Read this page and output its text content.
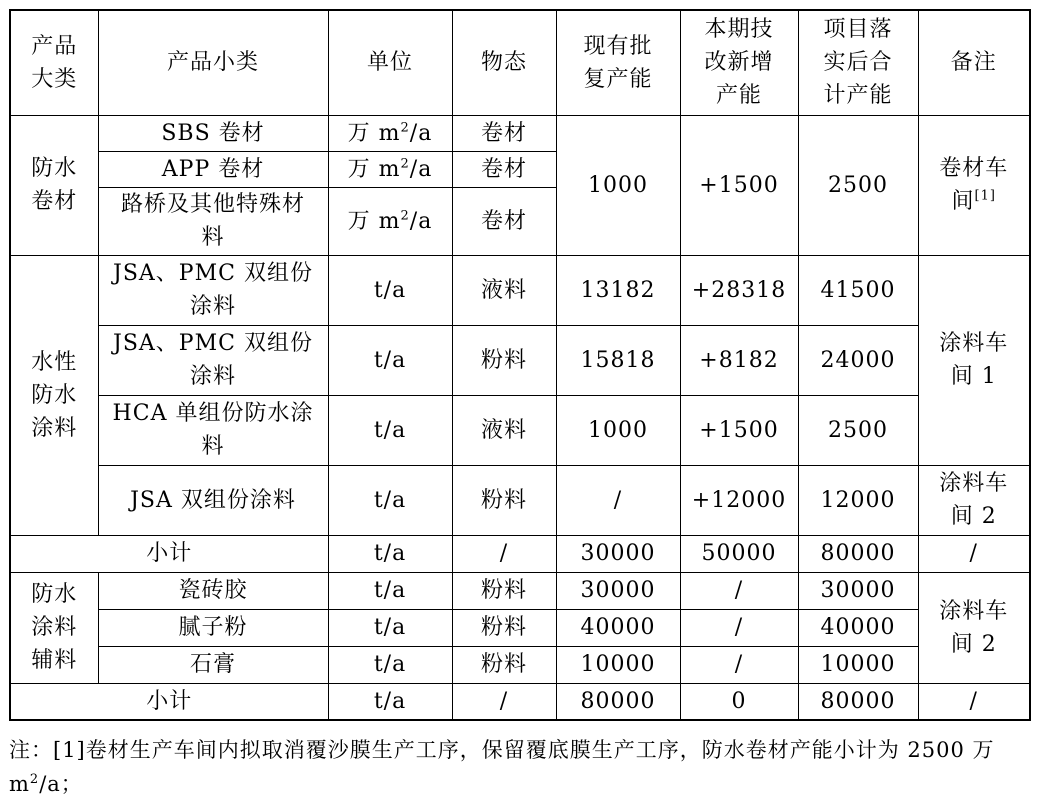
产品大类	产品小类	单位	物态	现有批复产能	本期技改新增产能	项目落实后合计产能	备注
防水卷材	SBS 卷材	万 $m^2/a$	卷材	1000	+1500	2500	卷材车间[1]
	APP 卷材	万 $m^2/a$	卷材				
	路桥及其他特殊材料	万 $m^2/a$	卷材				
水性防水涂料	JSA、PMC 双组份涂料	t/a	液料	13182	+28318	41500	涂料车间 1
	JSA、PMC 双组份涂料	t/a	粉料	15818	+8182	24000	
	HCA 单组份防水涂料	t/a	液料	1000	+1500	2500	
	JSA 双组份涂料	t/a	粉料	/	+12000	12000	涂料车间 2
小计		t/a	/	30000	50000	80000	/
防水涂料辅料	瓷砖胶	t/a	粉料	30000	/	30000	涂料车间 2
	腻子粉	t/a	粉料	40000	/	40000	
	石膏	t/a	粉料	10000	/	10000	
小计		t/a	/	80000	0	80000	/
注：[1]卷材生产车间内拟取消覆沙膜生产工序，保留覆底膜生产工序，防水卷材产能小计为 2500 万 $m^2/a$；
